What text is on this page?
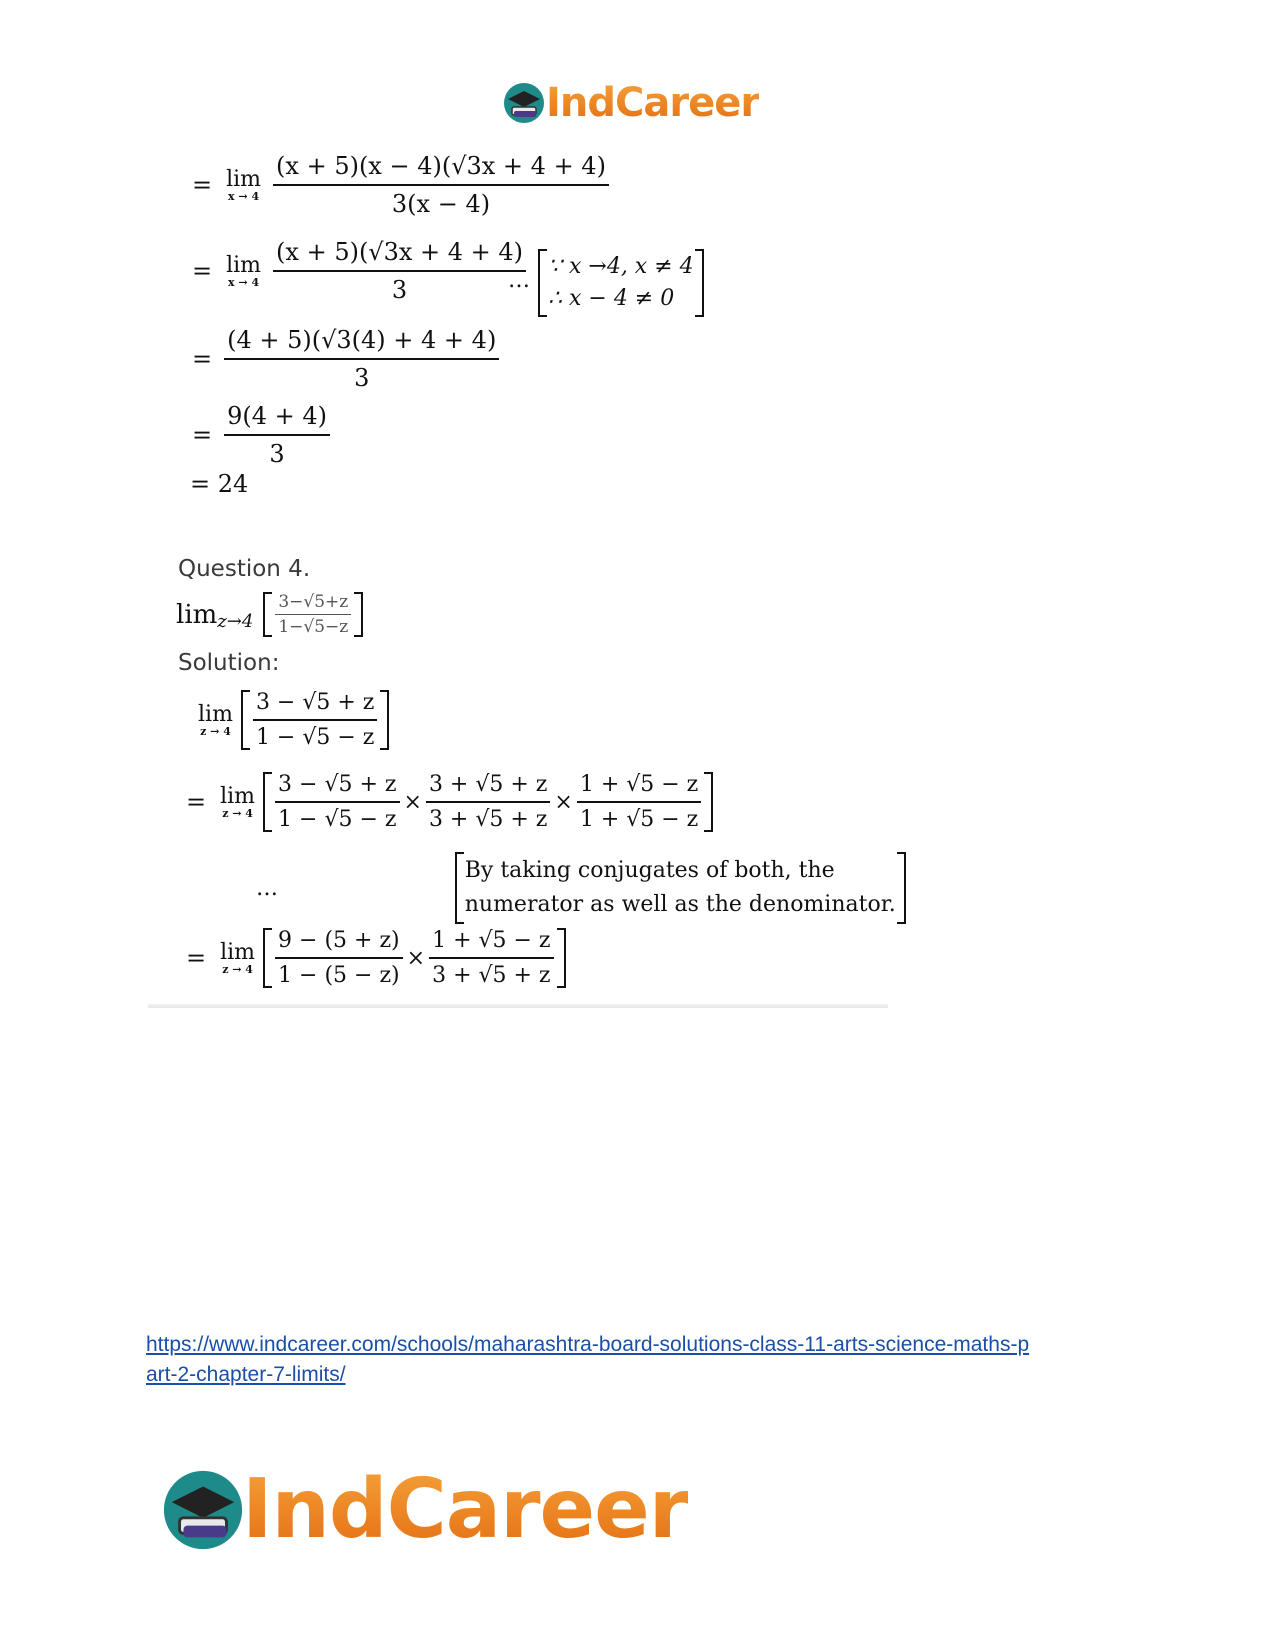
IndCareer
= lim
$x \to 4 \frac{(x + 5)(x - 4)(√3x + 4 + 4)}{3(x - 4)}$
= lim
$x \to 4 \frac{(x + 5)(√3x + 4 + 4)}{3}$
…
∵ x →4, x ≠ 4
∴ x − 4 ≠ 0

= $\frac{(4 + 5)(√3(4) + 4 + 4)}{3}$
= $\frac{9(4 + 4)}{3}$
= 24
Question 4.
$\lim z\to 4 \frac{3-√5+z}{1-√5-z}$
Solution:
lim
$z \to 4 \frac{3 - √5 + z}{1 - √5 - z}$
= lim
$z \to 4 \frac{3 - √5 + z}{1 - √5 - z} \times \frac{3 + √5 + z}{3 + √5 + z} \times \frac{1 + √5 - z}{1 + √5 - z}$
…
By taking conjugates of both, the
numerator as well as the denominator.
= lim
$z \to 4 \frac{9 - (5 + z)}{1 - (5 - z)} \times \frac{1 + √5 - z}{3 + √5 + z}$
https://www.indcareer.com/schools/maharashtra-board-solutions-class-11-arts-science-maths-p
art-2-chapter-7-limits/
IndCareer
